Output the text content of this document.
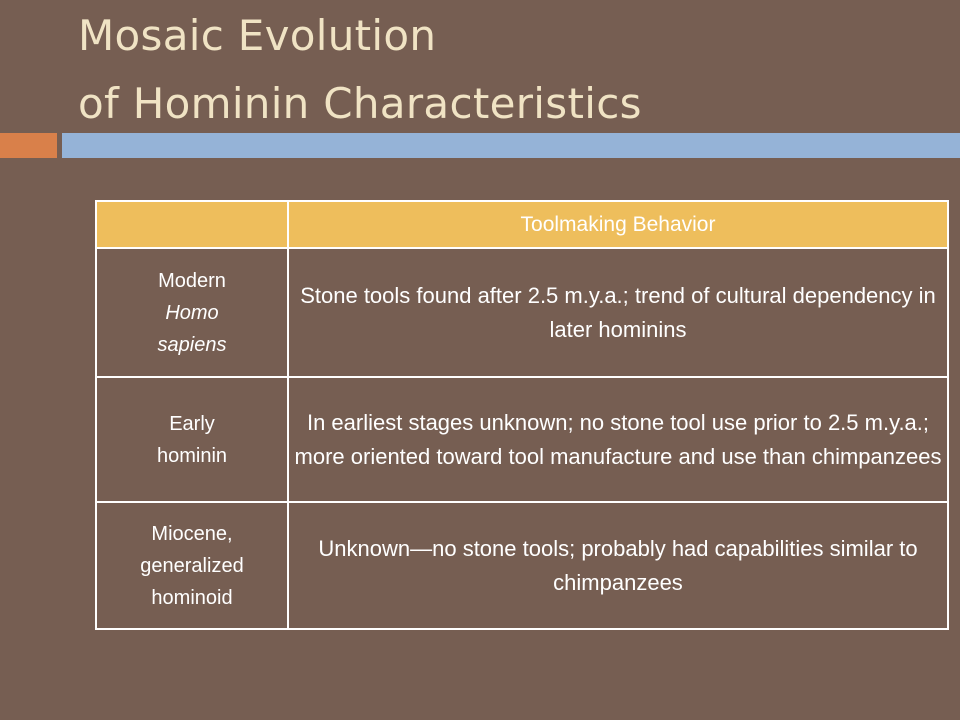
Mosaic Evolution
of Hominin Characteristics
	Toolmaking Behavior

Modern
Homo
sapiens	Stone tools found after 2.5 m.y.a.; trend of cultural dependency in later hominins

Early
hominin	In earliest stages unknown; no stone tool use prior to 2.5 m.y.a.; more oriented toward tool manufacture and use than chimpanzees

Miocene,
generalized
hominoid	Unknown—no stone tools; probably had capabilities similar to chimpanzees
